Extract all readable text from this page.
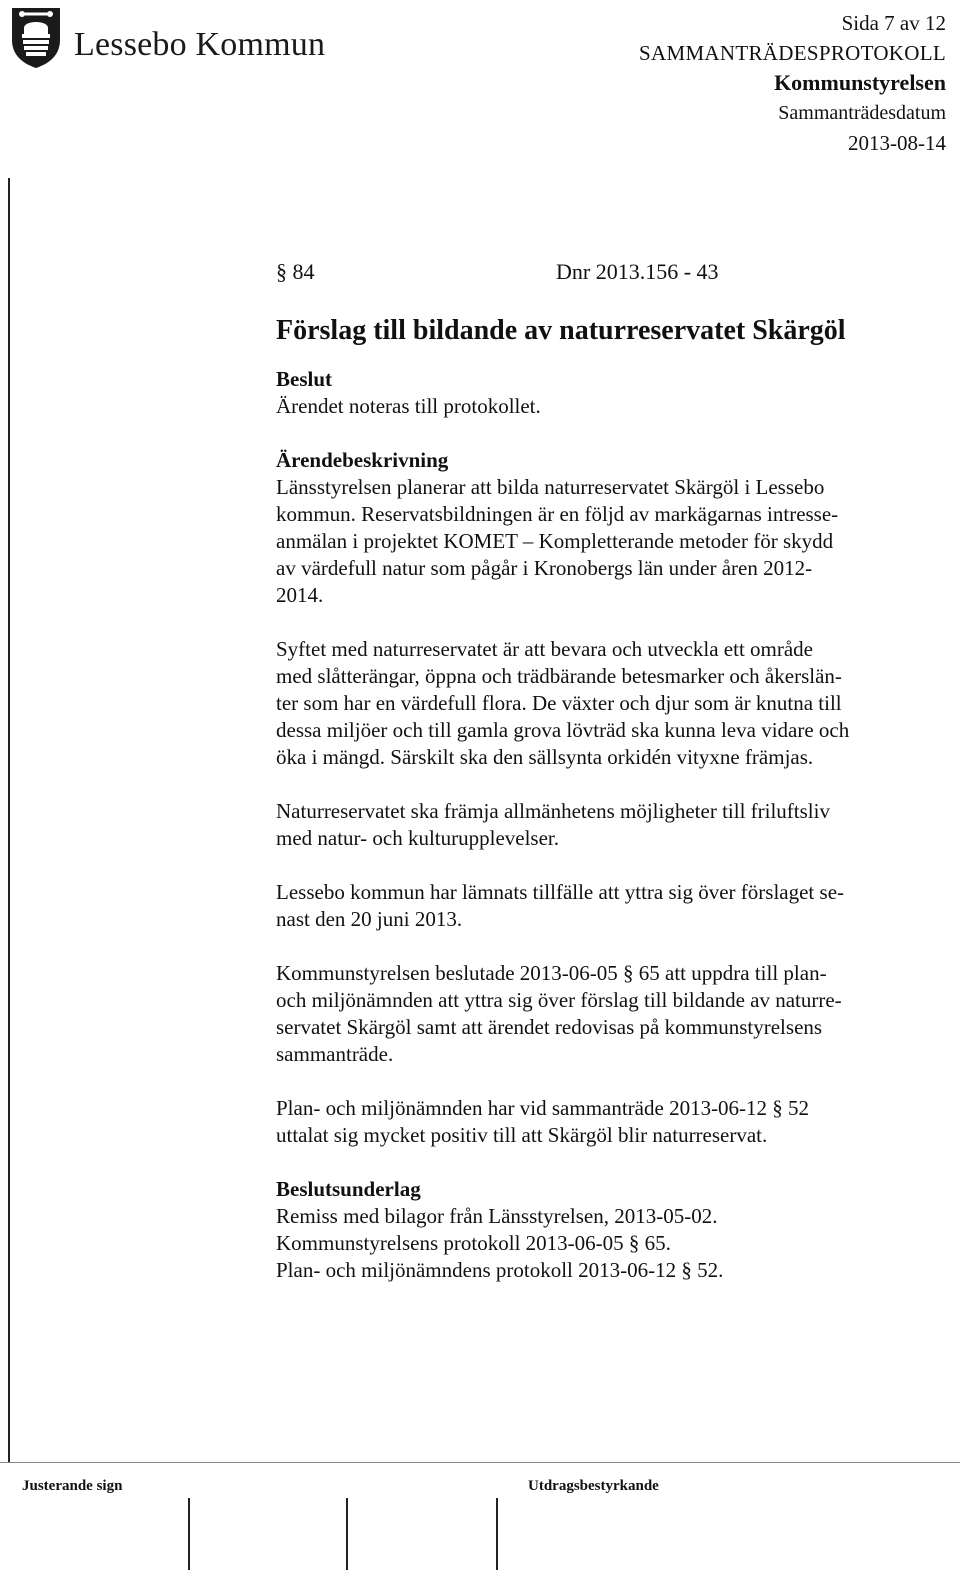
Lessebo Kommun
Sida 7 av 12
SAMMANTRÄDESPROTOKOLL
Kommunstyrelsen
Sammanträdesdatum
2013-08-14
§ 84	Dnr 2013.156 - 43
Förslag till bildande av naturreservatet Skärgöl
Beslut
Ärendet noteras till protokollet.
Ärendebeskrivning
Länsstyrelsen planerar att bilda naturreservatet Skärgöl i Lessebo
kommun. Reservatsbildningen är en följd av markägarnas intresse-
anmälan i projektet KOMET – Kompletterande metoder för skydd
av värdefull natur som pågår i Kronobergs län under åren 2012-
2014.
Syftet med naturreservatet är att bevara och utveckla ett område
med slåtterängar, öppna och trädbärande betesmarker och åkerslän-
ter som har en värdefull flora. De växter och djur som är knutna till
dessa miljöer och till gamla grova lövträd ska kunna leva vidare och
öka i mängd. Särskilt ska den sällsynta orkidén vityxne främjas.
Naturreservatet ska främja allmänhetens möjligheter till friluftsliv
med natur- och kulturupplevelser.
Lessebo kommun har lämnats tillfälle att yttra sig över förslaget se-
nast den 20 juni 2013.
Kommunstyrelsen beslutade 2013-06-05 § 65 att uppdra till plan-
och miljönämnden att yttra sig över förslag till bildande av naturre-
servatet Skärgöl samt att ärendet redovisas på kommunstyrelsens
sammanträde.
Plan- och miljönämnden har vid sammanträde 2013-06-12 § 52
uttalat sig mycket positiv till att Skärgöl blir naturreservat.
Beslutsunderlag
Remiss med bilagor från Länsstyrelsen, 2013-05-02.
Kommunstyrelsens protokoll 2013-06-05 § 65.
Plan- och miljönämndens protokoll 2013-06-12 § 52.
Justerande sign	Utdragsbestyrkande
